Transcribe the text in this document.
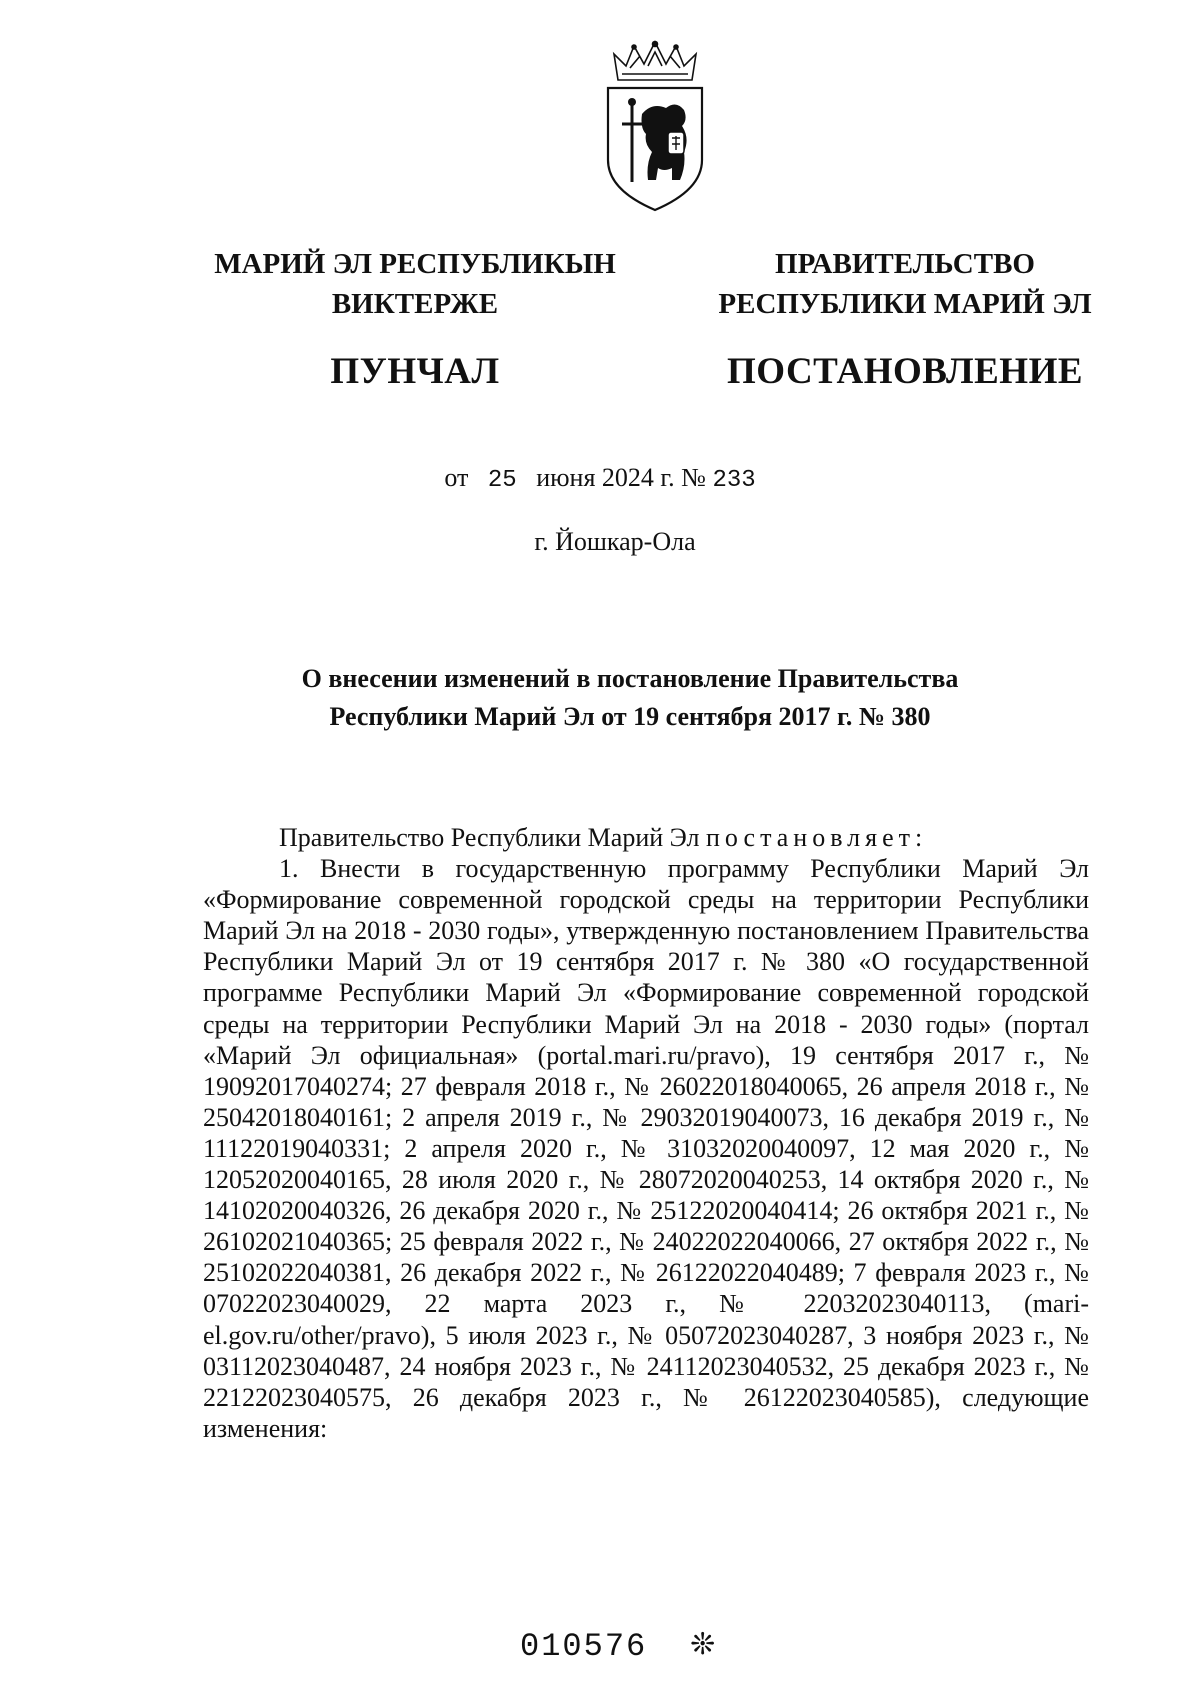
МАРИЙ ЭЛ РЕСПУБЛИКЫН
ВИКТЕРЖЕ
ПУНЧАЛ
ПРАВИТЕЛЬСТВО
РЕСПУБЛИКИ МАРИЙ ЭЛ
ПОСТАНОВЛЕНИЕ
от 25 июня 2024 г. № 233
г. Йошкар-Ола
О внесении изменений в постановление Правительства
Республики Марий Эл от 19 сентября 2017 г. № 380

Правительство Республики Марий Эл постановляет:

1. Внести в государственную программу Республики Марий Эл «Формирование современной городской среды на территории Республики Марий Эл на 2018 - 2030 годы», утвержденную постановлением Правительства Республики Марий Эл от 19 сентября 2017 г. № 380 «О государственной программе Республики Марий Эл «Формирование современной городской среды на территории Республики Марий Эл на 2018 - 2030 годы» (портал «Марий Эл официальная» (portal.mari.ru/pravo), 19 сентября 2017 г., № 19092017040274; 27 февраля 2018 г., № 26022018040065, 26 апреля 2018 г., № 25042018040161; 2 апреля 2019 г., № 29032019040073, 16 декабря 2019 г., № 11122019040331; 2 апреля 2020 г., № 31032020040097, 12 мая 2020 г., № 12052020040165, 28 июля 2020 г., № 28072020040253, 14 октября 2020 г., № 14102020040326, 26 декабря 2020 г., № 25122020040414; 26 октября 2021 г., № 26102021040365; 25 февраля 2022 г., № 24022022040066, 27 октября 2022 г., № 25102022040381, 26 декабря 2022 г., № 26122022040489; 7 февраля 2023 г., № 07022023040029, 22 марта 2023 г., № 22032023040113, (mari-el.gov.ru/other/pravo), 5 июля 2023 г., № 05072023040287, 3 ноября 2023 г., № 03112023040487, 24 ноября 2023 г., № 24112023040532, 25 декабря 2023 г., № 22122023040575, 26 декабря 2023 г., № 26122023040585), следующие изменения:

010576 ❊
